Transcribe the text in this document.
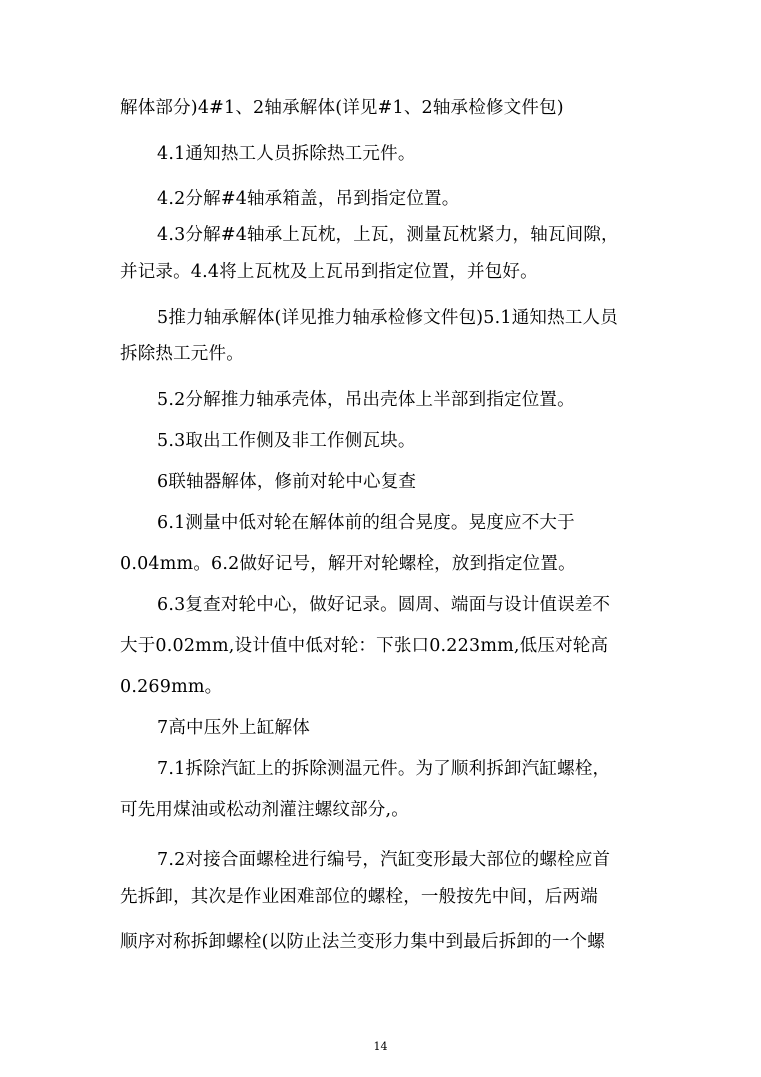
解体部分)4#1、2轴承解体(详见#1、2轴承检修文件包)
4.1通知热工人员拆除热工元件。
4.2分解#4轴承箱盖，吊到指定位置。
4.3分解#4轴承上瓦枕，上瓦，测量瓦枕紧力，轴瓦间隙，
并记录。4.4将上瓦枕及上瓦吊到指定位置，并包好。
5推力轴承解体(详见推力轴承检修文件包)5.1通知热工人员
拆除热工元件。
5.2分解推力轴承壳体，吊出壳体上半部到指定位置。
5.3取出工作侧及非工作侧瓦块。
6联轴器解体，修前对轮中心复查
6.1测量中低对轮在解体前的组合晃度。晃度应不大于
0.04mm。6.2做好记号，解开对轮螺栓，放到指定位置。
6.3复查对轮中心，做好记录。圆周、端面与设计值误差不
大于0.02mm,设计值中低对轮：下张口0.223mm,低压对轮高
0.269mm。
7高中压外上缸解体
7.1拆除汽缸上的拆除测温元件。为了顺利拆卸汽缸螺栓，
可先用煤油或松动剂灌注螺纹部分,。
7.2对接合面螺栓进行编号，汽缸变形最大部位的螺栓应首
先拆卸，其次是作业困难部位的螺栓，一般按先中间，后两端
顺序对称拆卸螺栓(以防止法兰变形力集中到最后拆卸的一个螺
14
